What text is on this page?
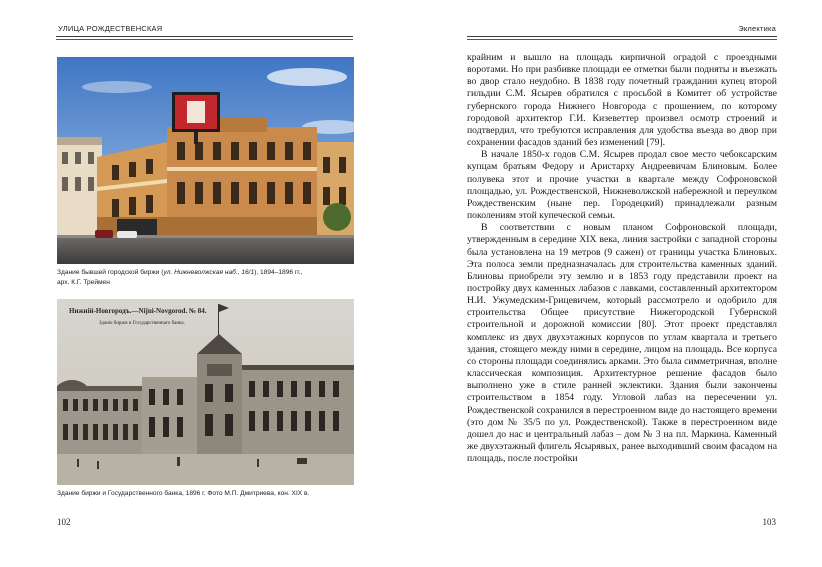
УЛИЦА РОЖДЕСТВЕНСКАЯ
Здание бывшей городской биржи (ул. Нижневолжская наб., 16/1), 1894–1896 гг.,
арх. К.Г. Треймен
Нижній-Новгородъ.—Nijni-Novgorod. № 84.
Зданіе биржи и Государственнаго банка.
Здание биржи и Государственного банка, 1896 г. Фото М.П. Дмитриева, кон. XIX в.
102
Эклектика

крайним и вышло на площадь кирпичной оградой с проездными воротами. Но при разбивке площади ее отметки были подняты и въезжать во двор стало неудобно. В 1838 году почетный гражданин купец второй гильдии С.М. Ясырев обратился с просьбой в Комитет об устройстве губернского города Нижнего Новгорода с прошением, по которому городовой архитектор Г.И. Кизеветтер произвел осмотр строений и подтвердил, что требуются исправления для удобства въезда во двор при сохранении фасадов зданий без изменений [79].

В начале 1850-х годов С.М. Ясырев продал свое место чебоксарским купцам братьям Федору и Аристарху Андреевичам Блиновым. Более полувека этот и прочие участки в квартале между Софроновской площадью, ул. Рождественской, Нижневолжской набережной и переулком Рождественским (ныне пер. Городецкий) принадлежали разным поколениям этой купеческой семьи.

В соответствии с новым планом Софроновской площади, утвержденным в середине XIX века, линия застройки с западной стороны была установлена на 19 метров (9 сажен) от границы участка Блиновых. Эта полоса земли предназначалась для строительства каменных зданий. Блиновы приобрели эту землю и в 1853 году представили проект на постройку двух каменных лабазов с лавками, составленный архитектором Н.И. Ужумедским-Грицевичем, который рассмотрело и одобрило для строительства Общее присутствие Нижегородской Губернской строительной и дорожной комиссии [80]. Этот проект представлял комплекс из двух двухэтажных корпусов по углам квартала и третьего здания, стоящего между ними в середине, лицом на площадь. Все корпуса со стороны площади соединялись арками. Это была симметричная, вполне классическая композиция. Архитектурное решение фасадов было выполнено уже в стиле ранней эклектики. Здания были закончены строительством в 1854 году. Угловой лабаз на пересечении ул. Рождественской сохранился в перестроенном виде до настоящего времени (это дом № 35/5 по ул. Рождественской). Также в перестроенном виде дошел до нас и центральный лабаз – дом № 3 на пл. Маркина. Каменный же двухэтажный флигель Ясырявых, ранее выходивший своим фасадом на площадь, после постройки

103
